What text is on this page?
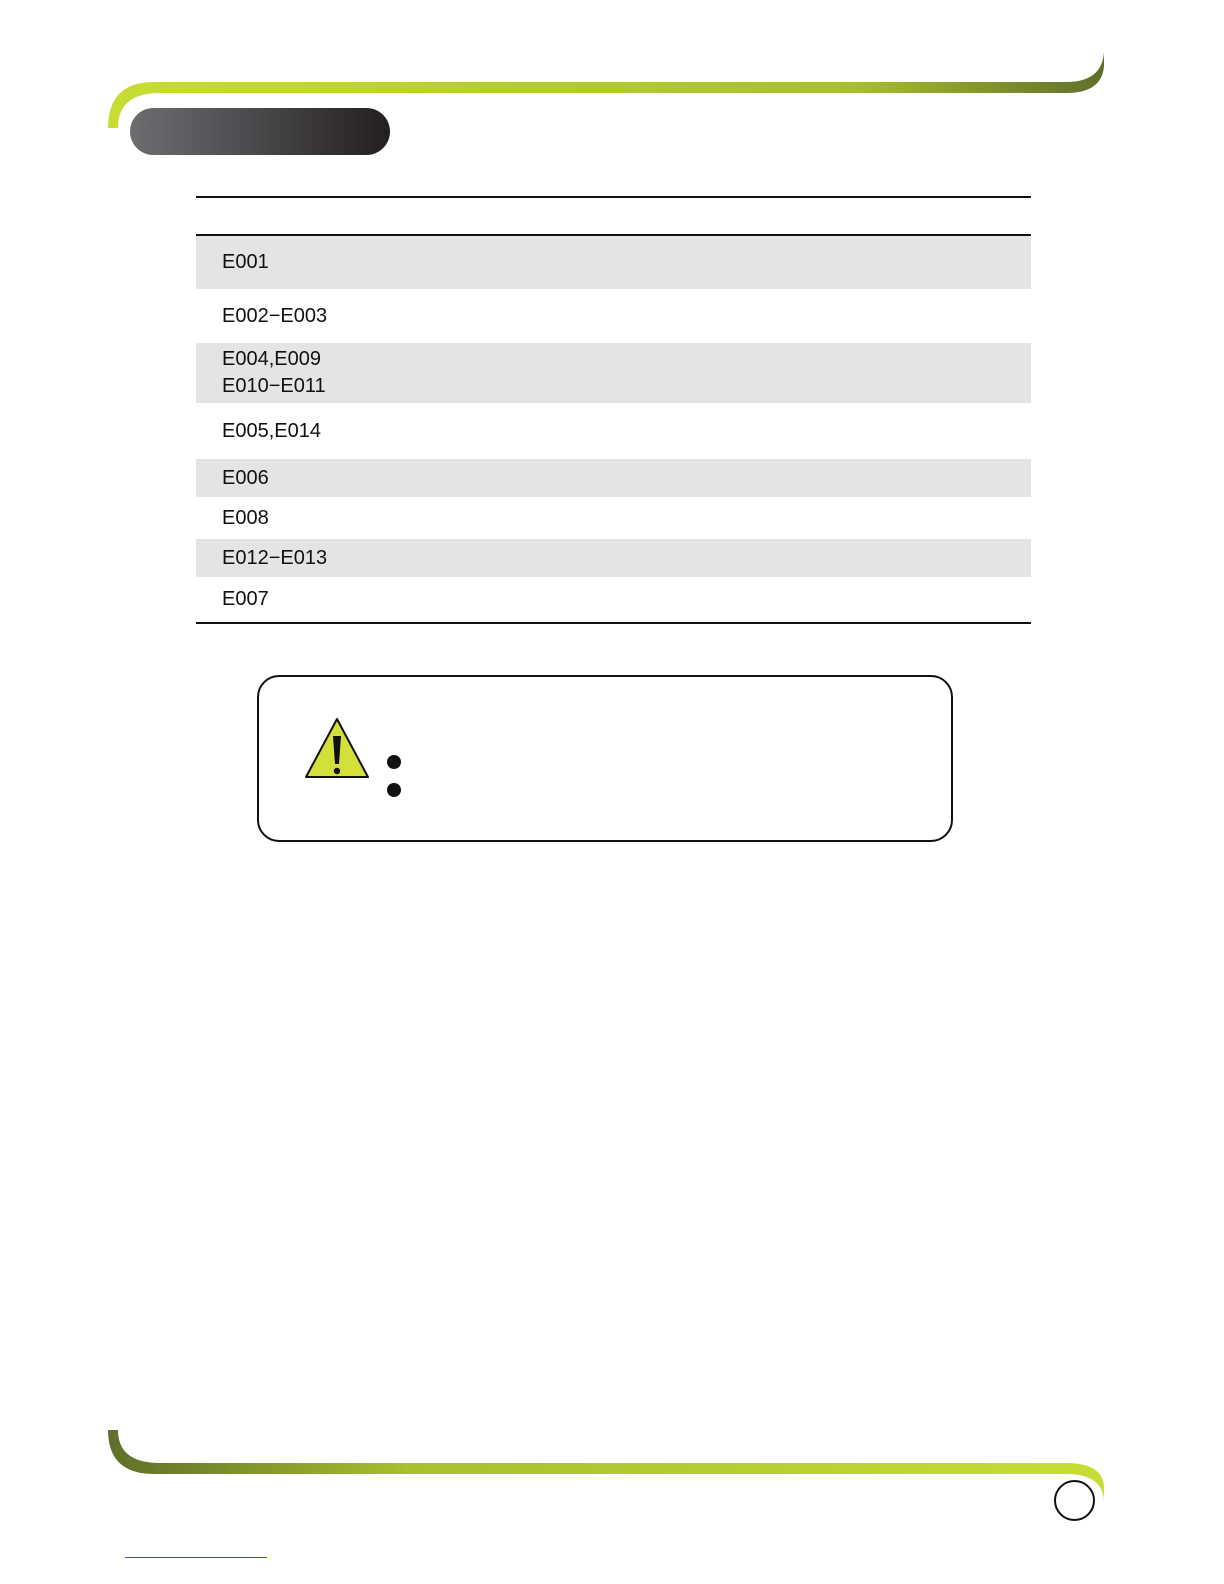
E001
E002−E003
E004,E009
E010−E011
E005,E014
E006
E008
E012−E013
E007
